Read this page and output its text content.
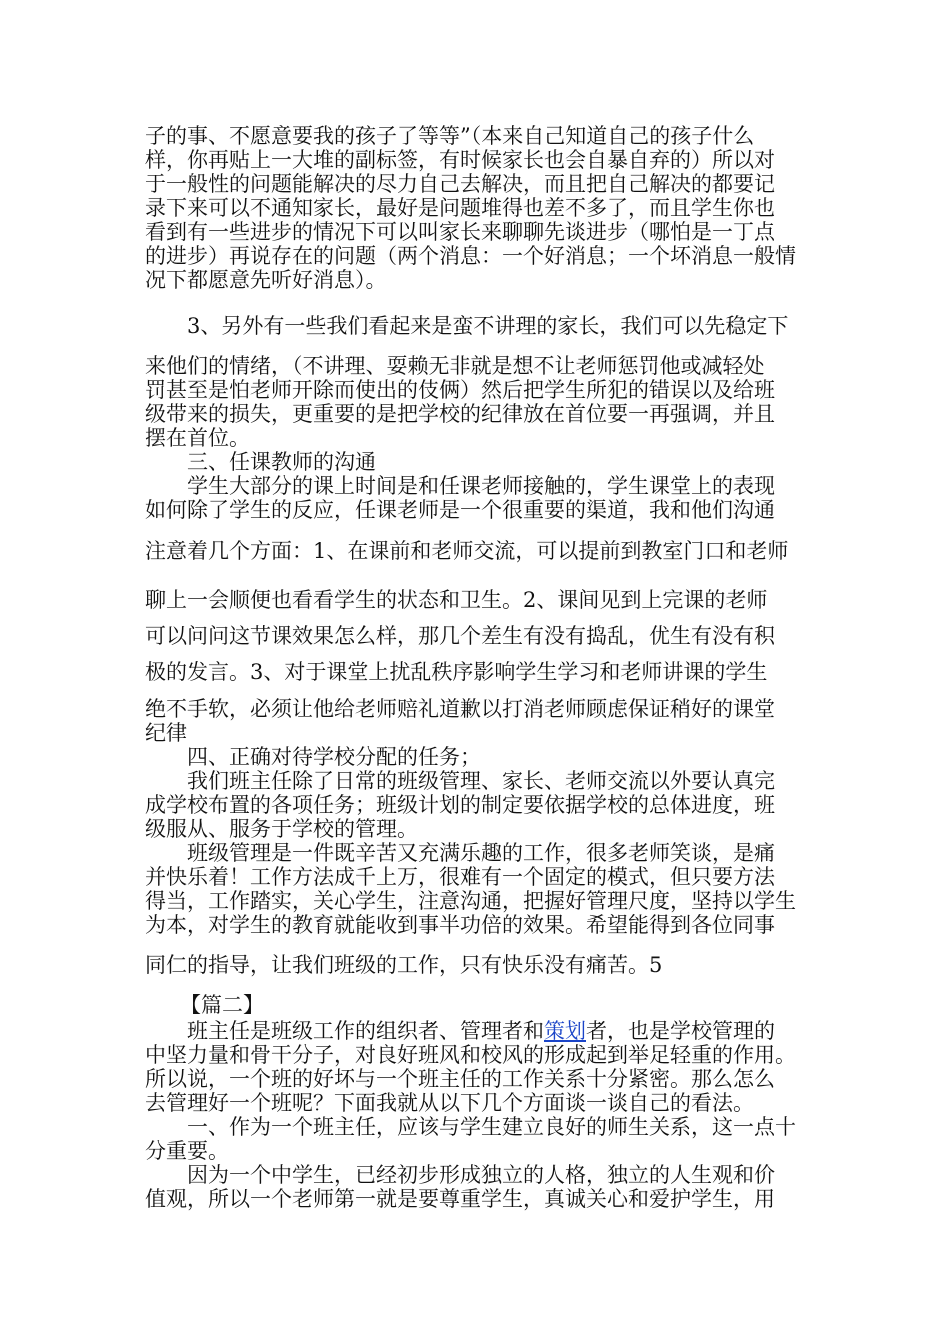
子的事、不愿意要我的孩子了等等”（本来自己知道自己的孩子什么
样，你再贴上一大堆的副标签，有时候家长也会自暴自弃的）所以对
于一般性的问题能解决的尽力自己去解决，而且把自己解决的都要记
录下来可以不通知家长，最好是问题堆得也差不多了，而且学生你也
看到有一些进步的情况下可以叫家长来聊聊先谈进步（哪怕是一丁点
的进步）再说存在的问题（两个消息：一个好消息；一个坏消息一般情
况下都愿意先听好消息）。
3、另外有一些我们看起来是蛮不讲理的家长，我们可以先稳定下
来他们的情绪，（不讲理、耍赖无非就是想不让老师惩罚他或减轻处
罚甚至是怕老师开除而使出的伎俩）然后把学生所犯的错误以及给班
级带来的损失，更重要的是把学校的纪律放在首位要一再强调，并且
摆在首位。
三、任课教师的沟通
学生大部分的课上时间是和任课老师接触的，学生课堂上的表现
如何除了学生的反应，任课老师是一个很重要的渠道，我和他们沟通
注意着几个方面：1、在课前和老师交流，可以提前到教室门口和老师
聊上一会顺便也看看学生的状态和卫生。2、课间见到上完课的老师
可以问问这节课效果怎么样，那几个差生有没有捣乱，优生有没有积
极的发言。3、对于课堂上扰乱秩序影响学生学习和老师讲课的学生
绝不手软，必须让他给老师赔礼道歉以打消老师顾虑保证稍好的课堂
纪律
四、正确对待学校分配的任务；
我们班主任除了日常的班级管理、家长、老师交流以外要认真完
成学校布置的各项任务；班级计划的制定要依据学校的总体进度，班
级服从、服务于学校的管理。
班级管理是一件既辛苦又充满乐趣的工作，很多老师笑谈，是痛
并快乐着！工作方法成千上万，很难有一个固定的模式，但只要方法
得当，工作踏实，关心学生，注意沟通，把握好管理尺度，坚持以学生
为本，对学生的教育就能收到事半功倍的效果。希望能得到各位同事
同仁的指导，让我们班级的工作，只有快乐没有痛苦。5
【篇二】
班主任是班级工作的组织者、管理者和策划者，也是学校管理的
中坚力量和骨干分子，对良好班风和校风的形成起到举足轻重的作用。
所以说，一个班的好坏与一个班主任的工作关系十分紧密。那么怎么
去管理好一个班呢？下面我就从以下几个方面谈一谈自己的看法。
一、作为一个班主任，应该与学生建立良好的师生关系，这一点十
分重要。
因为一个中学生，已经初步形成独立的人格，独立的人生观和价
值观，所以一个老师第一就是要尊重学生，真诚关心和爱护学生，用
